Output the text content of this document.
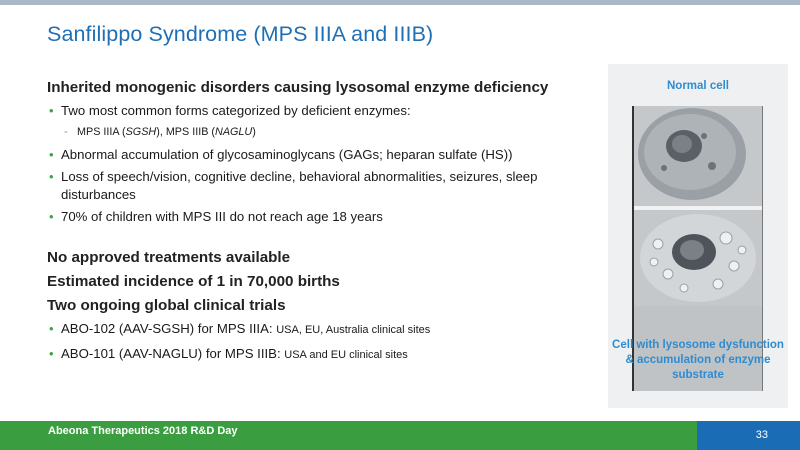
Sanfilippo Syndrome (MPS IIIA and IIIB)

Inherited monogenic disorders causing lysosomal enzyme deficiency

• Two most common forms categorized by deficient enzymes:
- MPS IIIA (SGSH), MPS IIIB (NAGLU)
• Abnormal accumulation of glycosaminoglycans (GAGs; heparan sulfate (HS))
• Loss of speech/vision, cognitive decline, behavioral abnormalities, seizures, sleep disturbances
• 70% of children with MPS III do not reach age 18 years

No approved treatments available

Estimated incidence of 1 in 70,000 births

Two ongoing global clinical trials

• ABO-102 (AAV-SGSH) for MPS IIIA: USA, EU, Australia clinical sites
• ABO-101 (AAV-NAGLU) for MPS IIIB: USA and EU clinical sites
Normal cell
Cell with lysosome dysfunction & accumulation of enzyme substrate
Abeona Therapeutics 2018 R&D Day	33
